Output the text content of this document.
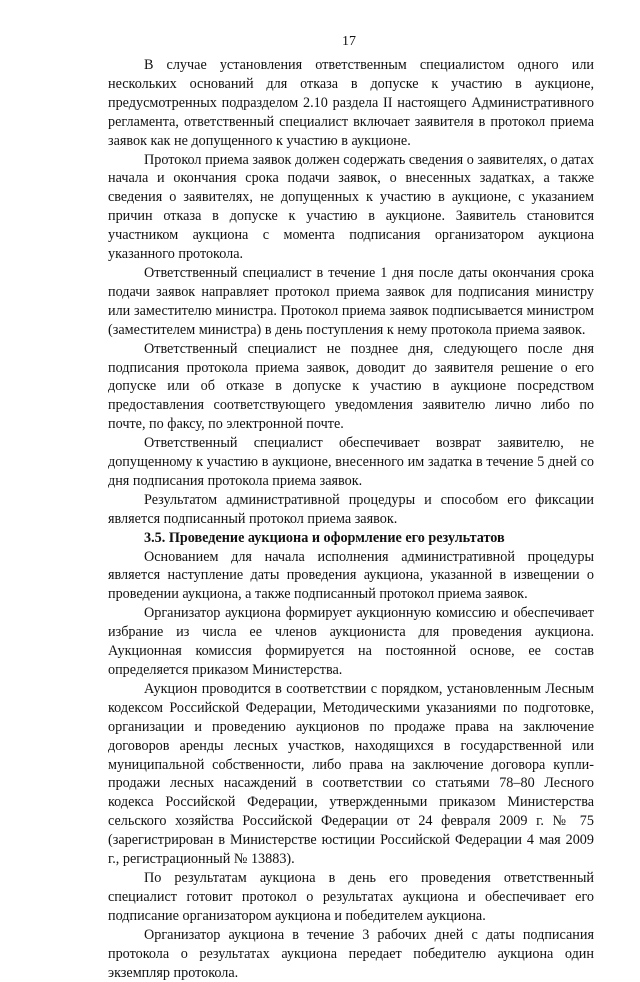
17

В случае установления ответственным специалистом одного или нескольких оснований для отказа в допуске к участию в аукционе, предусмотренных подразделом 2.10 раздела II настоящего Административного регламента, ответственный специалист включает заявителя в протокол приема заявок как не допущенного к участию в аукционе.

Протокол приема заявок должен содержать сведения о заявителях, о датах начала и окончания срока подачи заявок, о внесенных задатках, а также сведения о заявителях, не допущенных к участию в аукционе, с указанием причин отказа в допуске к участию в аукционе. Заявитель становится участником аукциона с момента подписания организатором аукциона указанного протокола.

Ответственный специалист в течение 1 дня после даты окончания срока подачи заявок направляет протокол приема заявок для подписания министру или заместителю министра. Протокол приема заявок подписывается министром (заместителем министра) в день поступления к нему протокола приема заявок.

Ответственный специалист не позднее дня, следующего после дня подписания протокола приема заявок, доводит до заявителя решение о его допуске или об отказе в допуске к участию в аукционе посредством предоставления соответствующего уведомления заявителю лично либо по почте, по факсу, по электронной почте.

Ответственный специалист обеспечивает возврат заявителю, не допущенному к участию в аукционе, внесенного им задатка в течение 5 дней со дня подписания протокола приема заявок.

Результатом административной процедуры и способом его фиксации является подписанный протокол приема заявок.

3.5. Проведение аукциона и оформление его результатов

Основанием для начала исполнения административной процедуры является наступление даты проведения аукциона, указанной в извещении о проведении аукциона, а также подписанный протокол приема заявок.

Организатор аукциона формирует аукционную комиссию и обеспечивает избрание из числа ее членов аукциониста для проведения аукциона. Аукционная комиссия формируется на постоянной основе, ее состав определяется приказом Министерства.

Аукцион проводится в соответствии с порядком, установленным Лесным кодексом Российской Федерации, Методическими указаниями по подготовке, организации и проведению аукционов по продаже права на заключение договоров аренды лесных участков, находящихся в государственной или муниципальной собственности, либо права на заключение договора купли-продажи лесных насаждений в соответствии со статьями 78–80 Лесного кодекса Российской Федерации, утвержденными приказом Министерства сельского хозяйства Российской Федерации от 24 февраля 2009 г. № 75 (зарегистрирован в Министерстве юстиции Российской Федерации 4 мая 2009 г., регистрационный № 13883).

По результатам аукциона в день его проведения ответственный специалист готовит протокол о результатах аукциона и обеспечивает его подписание организатором аукциона и победителем аукциона.

Организатор аукциона в течение 3 рабочих дней с даты подписания протокола о результатах аукциона передает победителю аукциона один экземпляр протокола.
